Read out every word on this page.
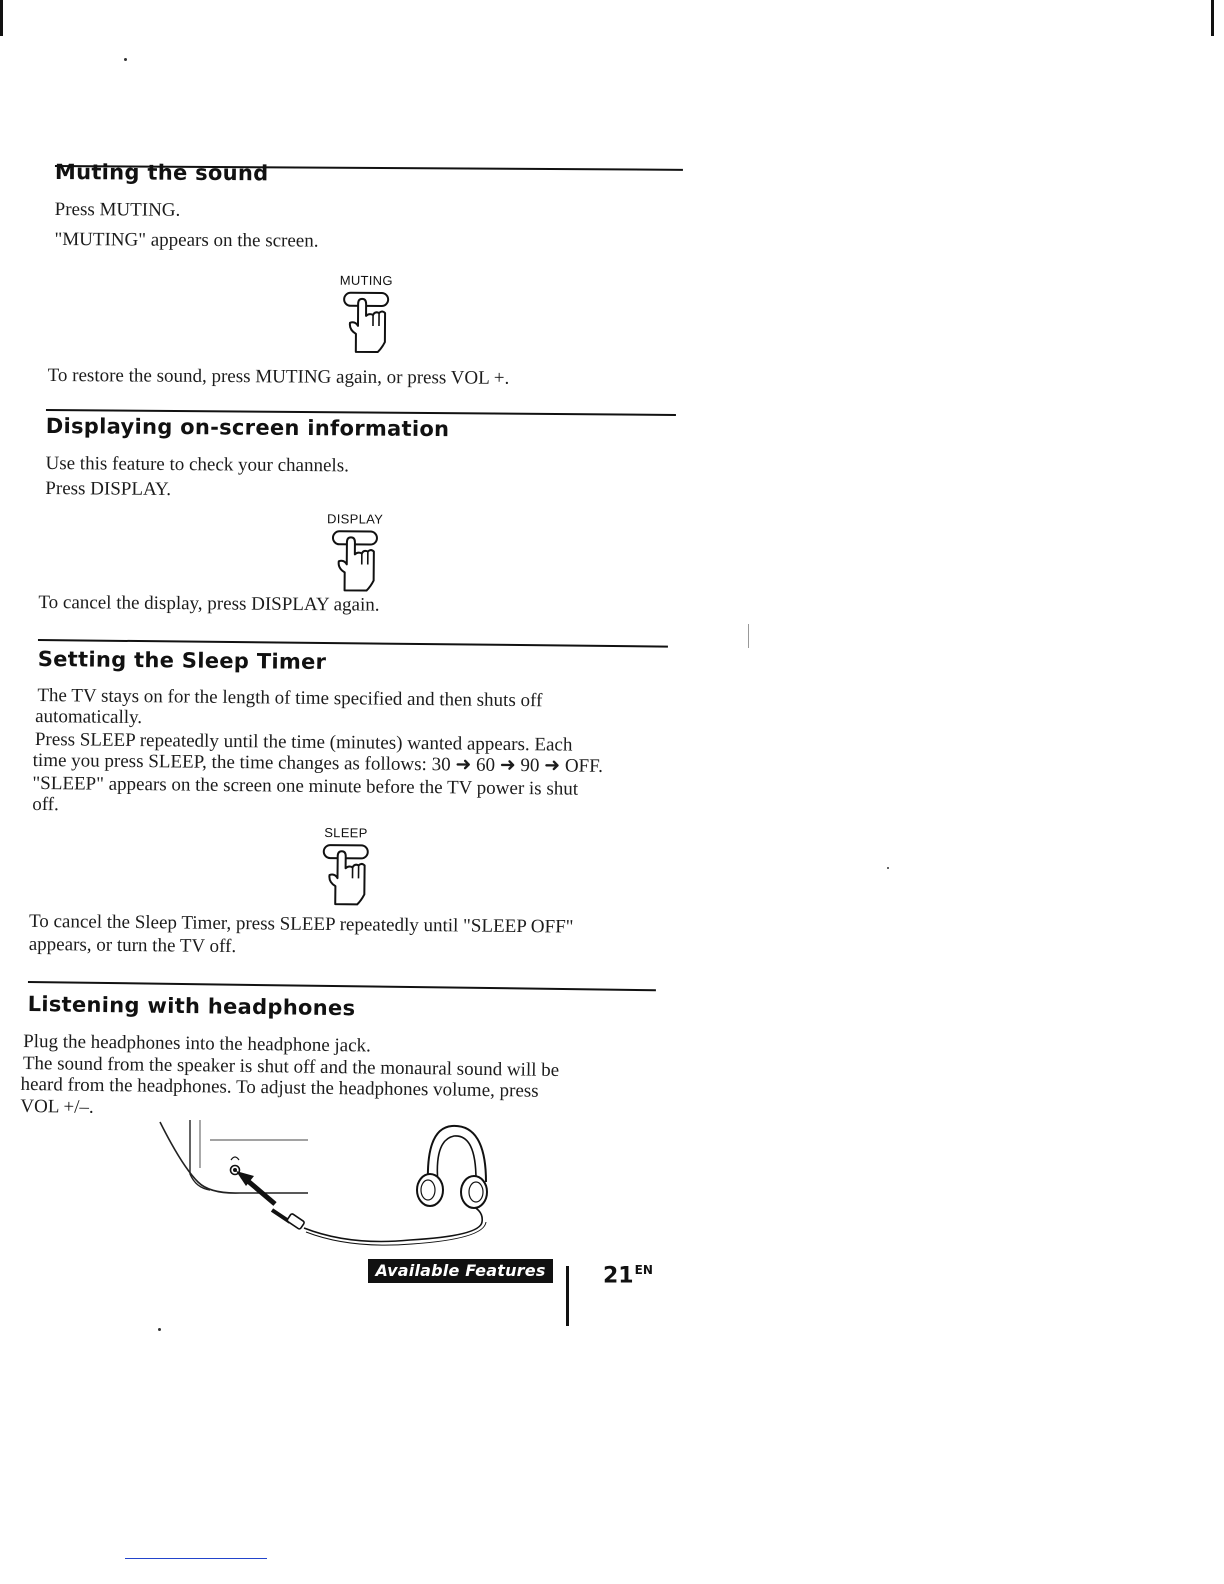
Muting the sound
Press MUTING.
"MUTING" appears on the screen.
MUTING
To restore the sound, press MUTING again, or press VOL +.
Displaying on-screen information
Use this feature to check your channels.
Press DISPLAY.
DISPLAY
To cancel the display, press DISPLAY again.
Setting the Sleep Timer
The TV stays on for the length of time specified and then shuts off
automatically.
Press SLEEP repeatedly until the time (minutes) wanted appears. Each
time you press SLEEP, the time changes as follows: 30 ➜ 60 ➜ 90 ➜ OFF.
"SLEEP" appears on the screen one minute before the TV power is shut
off.
SLEEP
To cancel the Sleep Timer, press SLEEP repeatedly until "SLEEP OFF"
appears, or turn the TV off.
Listening with headphones
Plug the headphones into the headphone jack.
The sound from the speaker is shut off and the monaural sound will be
heard from the headphones. To adjust the headphones volume, press
VOL +/–.
Available Features	$21^{EN}$
